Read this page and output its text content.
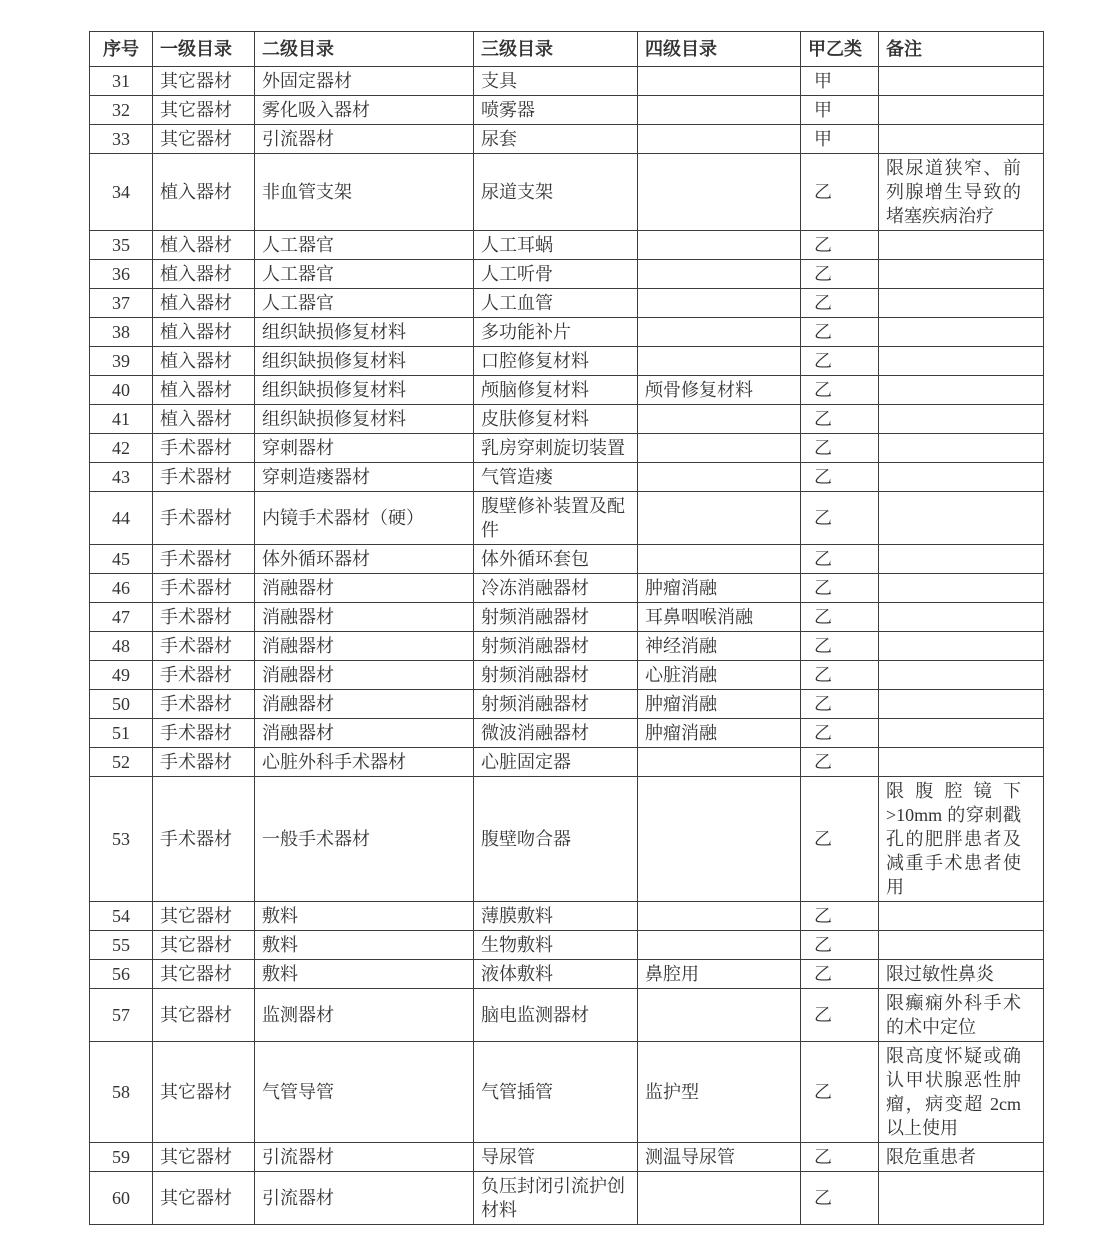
序号	一级目录	二级目录	三级目录	四级目录	甲乙类	备注
31	其它器材	外固定器材	支具		甲	
32	其它器材	雾化吸入器材	喷雾器		甲	
33	其它器材	引流器材	尿套		甲	
34	植入器材	非血管支架	尿道支架		乙	限尿道狭窄、前列腺增生导致的堵塞疾病治疗
35	植入器材	人工器官	人工耳蜗		乙	
36	植入器材	人工器官	人工听骨		乙	
37	植入器材	人工器官	人工血管		乙	
38	植入器材	组织缺损修复材料	多功能补片		乙	
39	植入器材	组织缺损修复材料	口腔修复材料		乙	
40	植入器材	组织缺损修复材料	颅脑修复材料	颅骨修复材料	乙	
41	植入器材	组织缺损修复材料	皮肤修复材料		乙	
42	手术器材	穿刺器材	乳房穿刺旋切装置		乙	
43	手术器材	穿刺造瘘器材	气管造瘘		乙	
44	手术器材	内镜手术器材（硬）	腹壁修补装置及配件		乙	
45	手术器材	体外循环器材	体外循环套包		乙	
46	手术器材	消融器材	冷冻消融器材	肿瘤消融	乙	
47	手术器材	消融器材	射频消融器材	耳鼻咽喉消融	乙	
48	手术器材	消融器材	射频消融器材	神经消融	乙	
49	手术器材	消融器材	射频消融器材	心脏消融	乙	
50	手术器材	消融器材	射频消融器材	肿瘤消融	乙	
51	手术器材	消融器材	微波消融器材	肿瘤消融	乙	
52	手术器材	心脏外科手术器材	心脏固定器		乙	
53	手术器材	一般手术器材	腹壁吻合器		乙	限腹腔镜下>10mm 的穿刺戳孔的肥胖患者及减重手术患者使用
54	其它器材	敷料	薄膜敷料		乙	
55	其它器材	敷料	生物敷料		乙	
56	其它器材	敷料	液体敷料	鼻腔用	乙	限过敏性鼻炎
57	其它器材	监测器材	脑电监测器材		乙	限癫痫外科手术的术中定位
58	其它器材	气管导管	气管插管	监护型	乙	限高度怀疑或确认甲状腺恶性肿瘤，病变超 2cm 以上使用
59	其它器材	引流器材	导尿管	测温导尿管	乙	限危重患者
60	其它器材	引流器材	负压封闭引流护创材料		乙	
